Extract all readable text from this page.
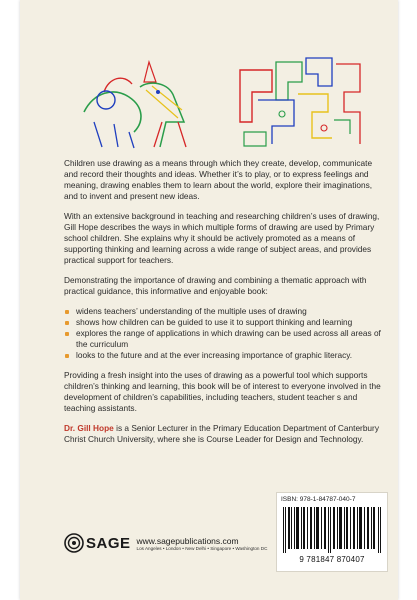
Children use drawing as a means through which they create, develop, communicate and record their thoughts and ideas. Whether it’s to play, or to express feelings and meaning, drawing enables them to learn about the world, explore their imaginations, and to invent and present new ideas.

With an extensive background in teaching and researching children’s uses of drawing, Gill Hope describes the ways in which multiple forms of drawing are used by Primary school children. She explains why it should be actively promoted as a means of supporting thinking and learning across a wide range of subject areas, and provides practical support for teachers.

Demonstrating the importance of drawing and combining a thematic approach with practical guidance, this informative and enjoyable book:

widens teachers’ understanding of the multiple uses of drawing
shows how children can be guided to use it to support thinking and learning
explores the range of applications in which drawing can be used across all areas of the curriculum
looks to the future and at the ever increasing importance of graphic literacy.

Providing a fresh insight into the uses of drawing as a powerful tool which supports children’s thinking and learning, this book will be of interest to everyone involved in the development of children’s capabilities, including teachers, student teacher s and teaching assistants.

Dr. Gill Hope is a Senior Lecturer in the Primary Education Department of Canterbury Christ Church University, where she is Course Leader for Design and Technology.

ISBN: 978-1-84787-040-7
9 781847 870407
SAGE www.sagepublications.com
Los Angeles • London • New Delhi • Singapore • Washington DC
